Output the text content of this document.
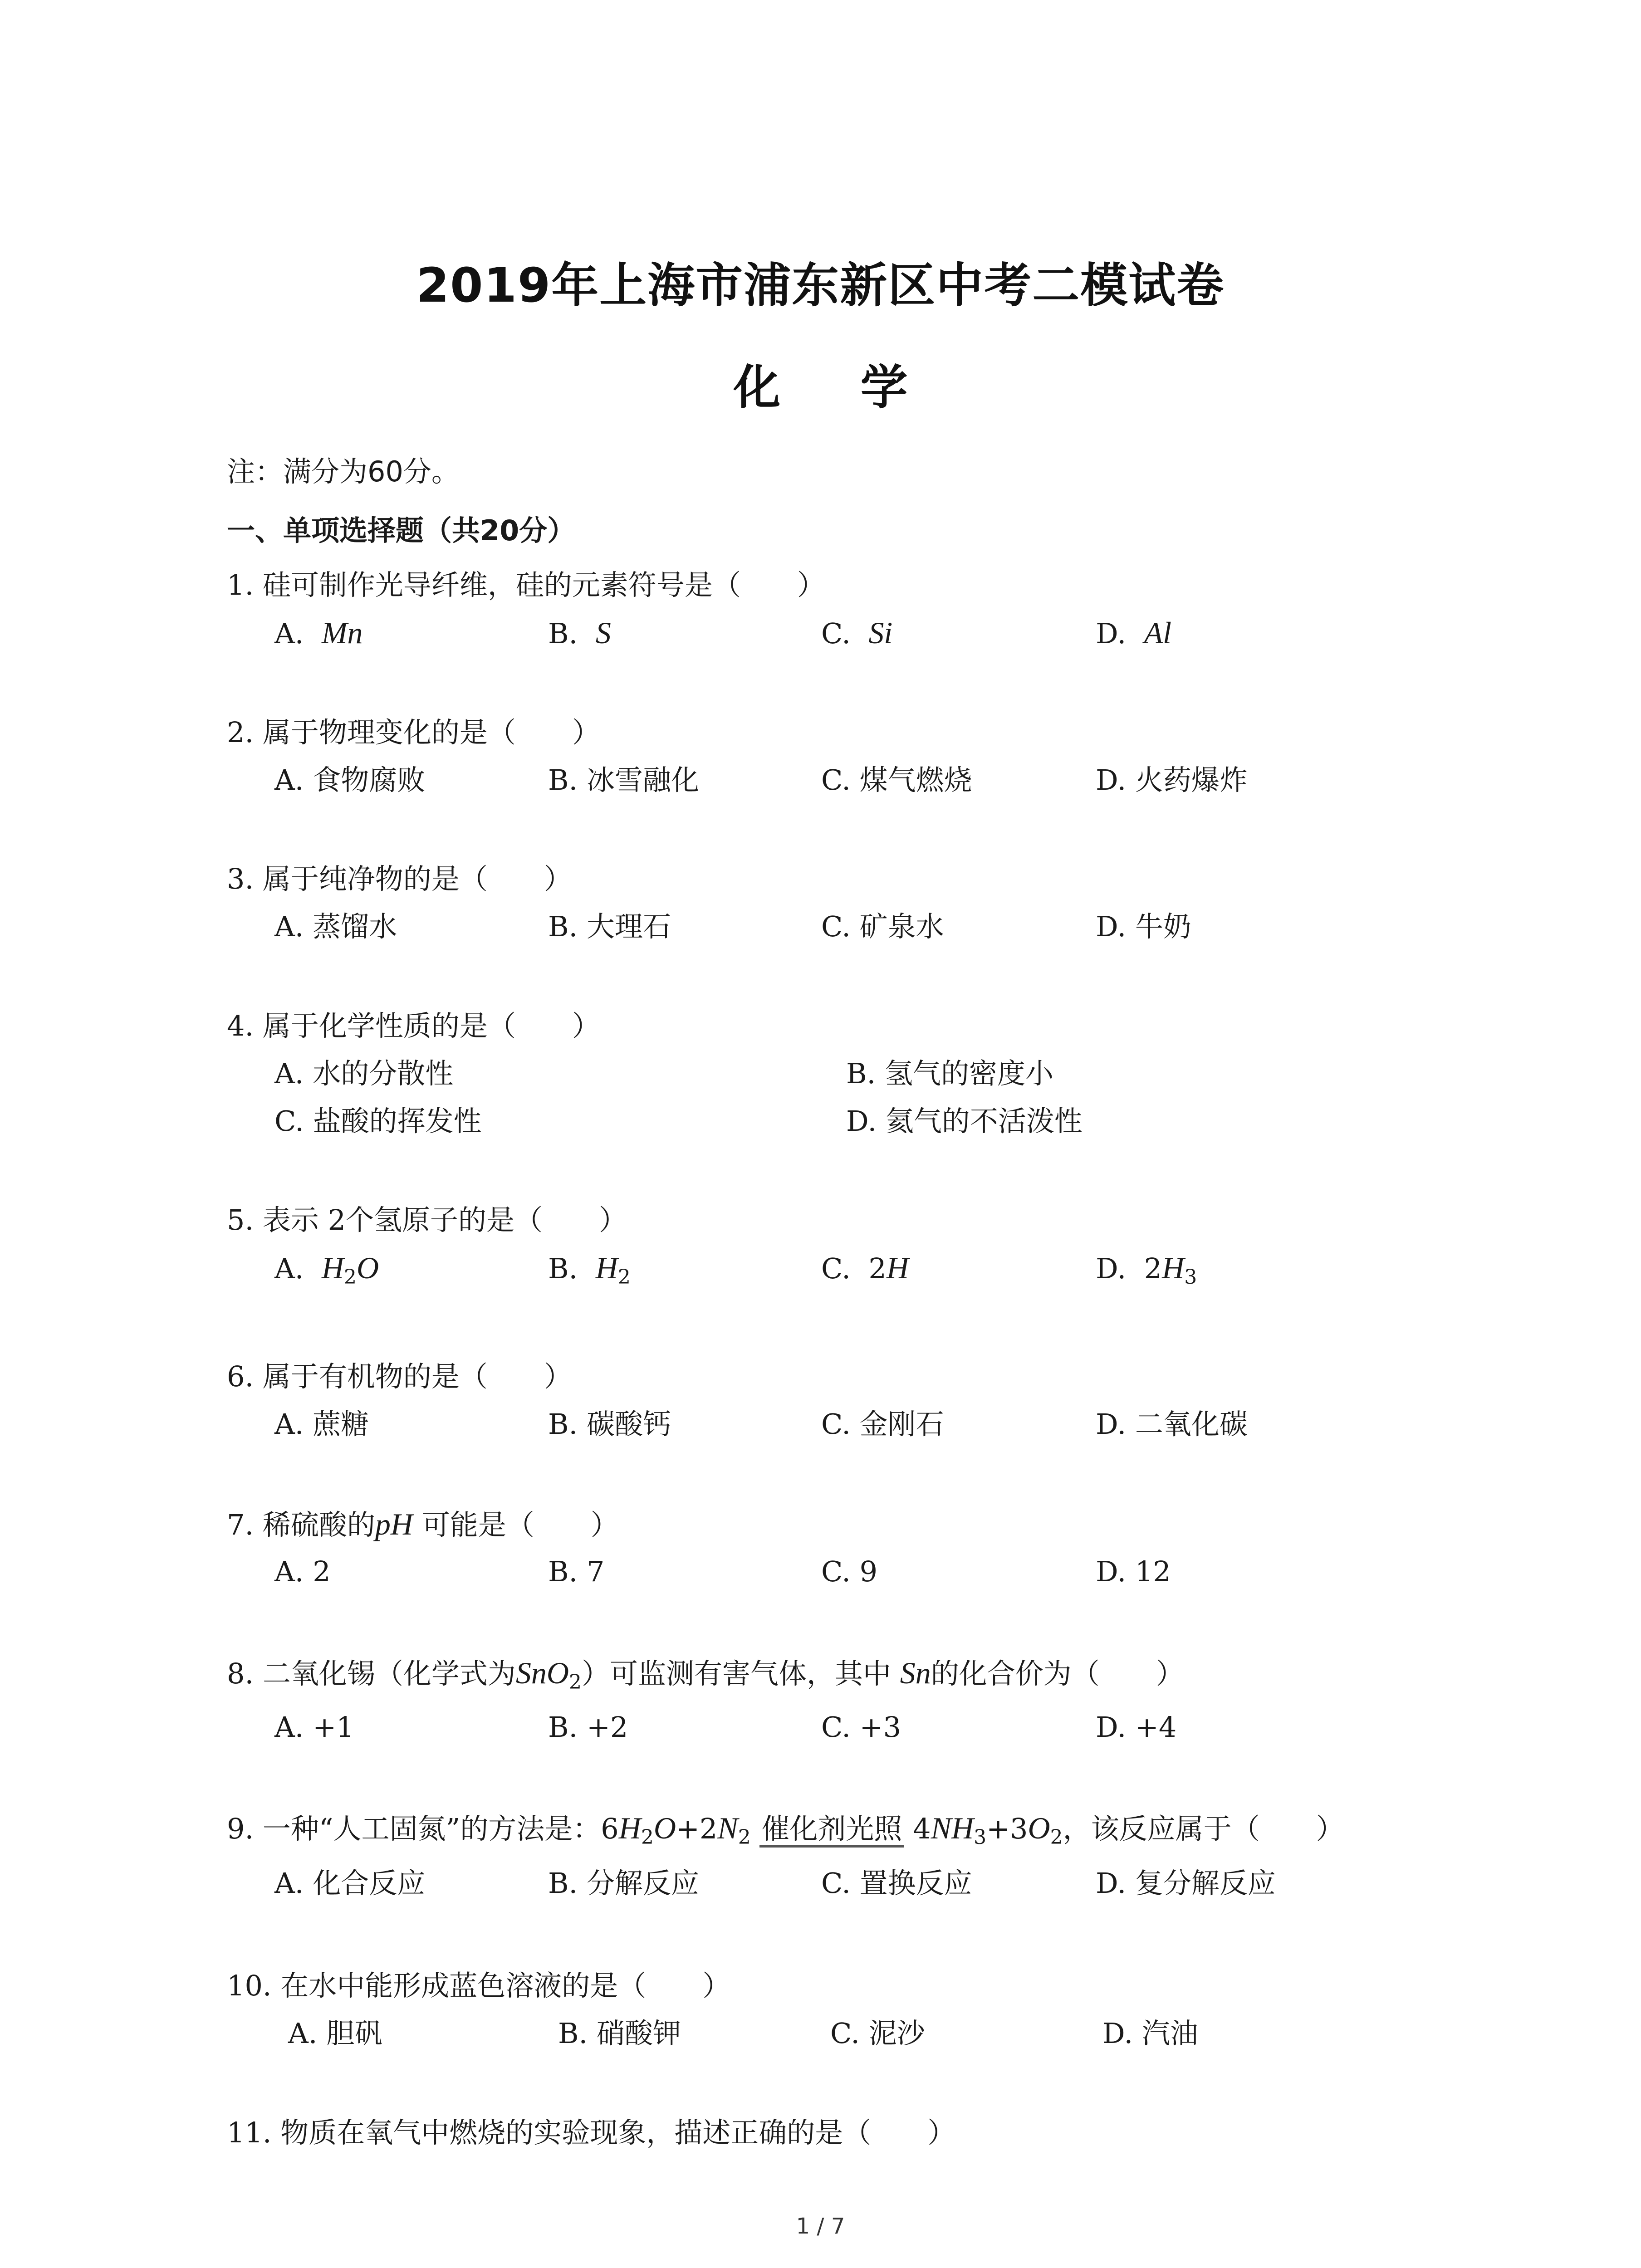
2019年上海市浦东新区中考二模试卷
化 学
注：满分为60分。
一、单项选择题（共20分）
1. 硅可制作光导纤维，硅的元素符号是（　　）
A. Mn	B. S	C. Si	D. Al
2. 属于物理变化的是（　　）
A. 食物腐败	B. 冰雪融化	C. 煤气燃烧	D. 火药爆炸
3. 属于纯净物的是（　　）
A. 蒸馏水	B. 大理石	C. 矿泉水	D. 牛奶
4. 属于化学性质的是（　　）
A. 水的分散性	B. 氢气的密度小
C. 盐酸的挥发性	D. 氦气的不活泼性
5. 表示 2个氢原子的是（　　）
A. $H_2O$	B. $H_2$	C. 2H	D. $2H_3$
6. 属于有机物的是（　　）
A. 蔗糖	B. 碳酸钙	C. 金刚石	D. 二氧化碳
7. 稀硫酸的pH 可能是（　　）
A. 2	B. 7	C. 9	D. 12
8. 二氧化锡（化学式为SnO$_2$）可监测有害气体，其中 Sn的化合价为（　　）
A. +1	B. +2	C. +3	D. +4
9. 一种“人工固氮”的方法是：$6H_2O+2N_2$ 催化剂光照 $4NH_3+3O_2$，该反应属于（　　）
A. 化合反应	B. 分解反应	C. 置换反应	D. 复分解反应
10. 在水中能形成蓝色溶液的是（　　）
A. 胆矾	B. 硝酸钾	C. 泥沙	D. 汽油
11. 物质在氧气中燃烧的实验现象，描述正确的是（　　）
1 / 7
